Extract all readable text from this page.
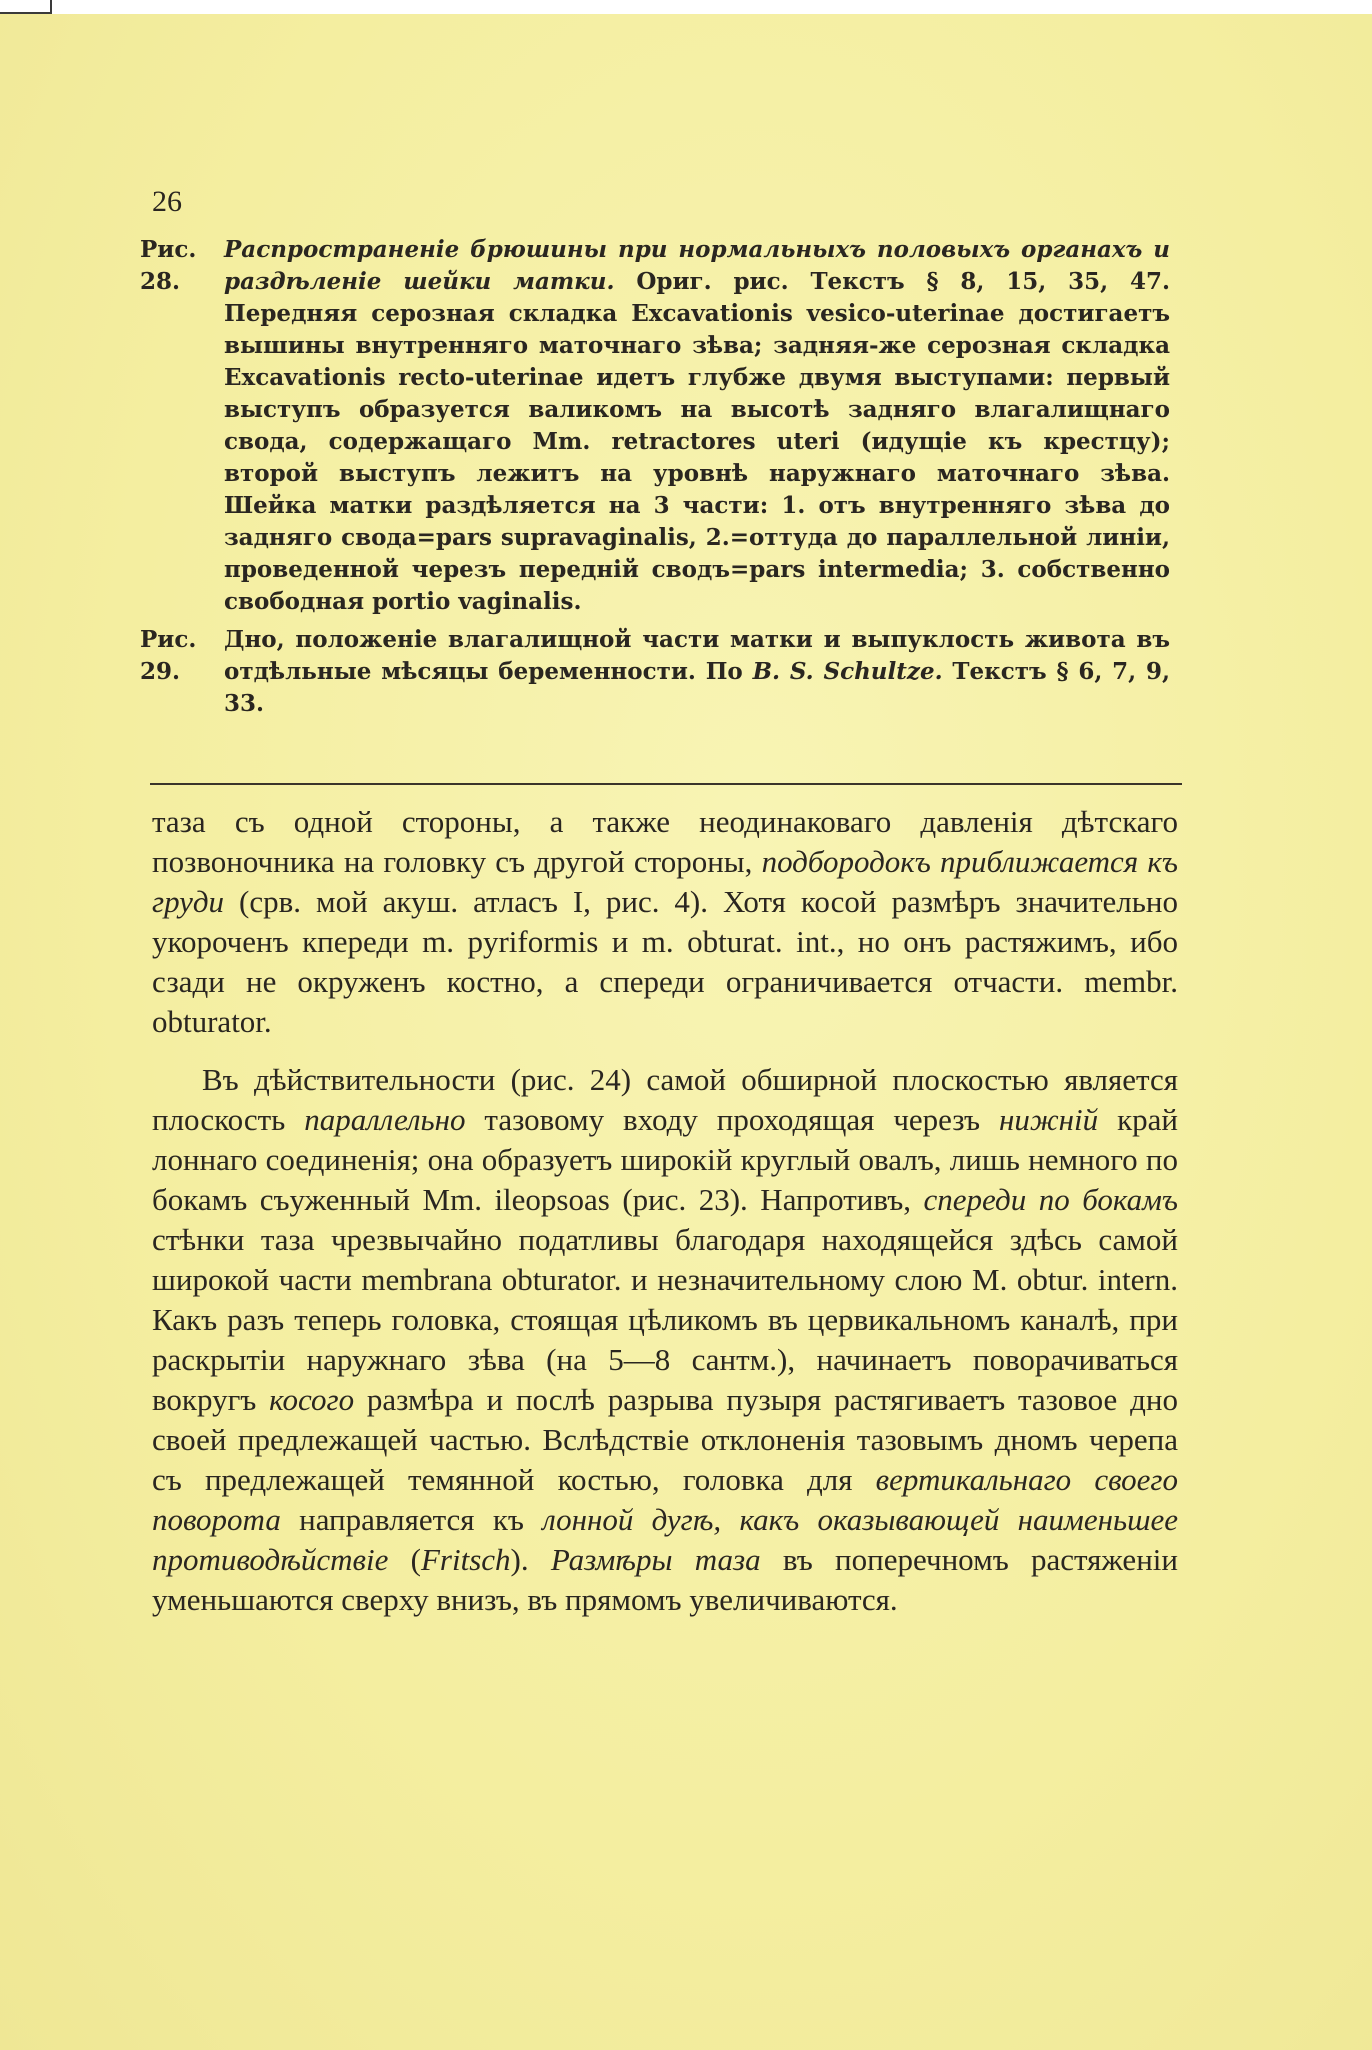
26
Рис. 28.
Распространеніе брюшины при нормальныхъ половыхъ органахъ и раздѣленіе шейки матки. Ориг. рис. Текстъ § 8, 15, 35, 47. Передняя серозная складка Excavationis vesico-uterinae достигаетъ вышины внутренняго маточнаго зѣва; задняя-же серозная складка Excavationis recto-uterinae идетъ глубже двумя выступами: первый выступъ образуется валикомъ на высотѣ задняго влагалищнаго свода, содержащаго Mm. retractores uteri (идущіе къ крестцу); второй выступъ лежитъ на уровнѣ наружнаго маточнаго зѣва. Шейка матки раздѣляется на 3 части: 1. отъ внутренняго зѣва до задняго свода=pars supravaginalis, 2.=оттуда до параллельной линіи, проведенной черезъ передній сводъ=pars intermedia; 3. собственно свободная portio vaginalis.
Рис. 29.
Дно, положеніе влагалищной части матки и выпуклость живота въ отдѣльные мѣсяцы беременности. По B. S. Schultze. Текстъ § 6, 7, 9, 33.

таза съ одной стороны, а также неодинаковаго давленія дѣтскаго позвоночника на головку съ другой стороны, подбородокъ приближается къ груди (срв. мой акуш. атласъ I, рис. 4). Хотя косой размѣръ значительно укороченъ кпереди m. pyriformis и m. obturat. int., но онъ растяжимъ, ибо сзади не окруженъ костно, а спереди ограничивается отчасти. membr. obturator.

Въ дѣйствительности (рис. 24) самой обширной плоскостью является плоскость параллельно тазовому входу проходящая черезъ нижній край лоннаго соединенія; она образуетъ широкій круглый овалъ, лишь немного по бокамъ съуженный Mm. ileopsoas (рис. 23). Напротивъ, спереди по бокамъ стѣнки таза чрезвычайно податливы благодаря находящейся здѣсь самой широкой части membrana obturator. и незначительному слою M. obtur. intern. Какъ разъ теперь головка, стоящая цѣликомъ въ цервикальномъ каналѣ, при раскрытіи наружнаго зѣва (на 5—8 сантм.), начинаетъ поворачиваться вокругъ косого размѣра и послѣ разрыва пузыря растягиваетъ тазовое дно своей предлежащей частью. Вслѣдствіе отклоненія тазовымъ дномъ черепа съ предлежащей темянной костью, головка для вертикальнаго своего поворота направляется къ лонной дугѣ, какъ оказывающей наименьшее противодѣйствіе (Fritsch). Размѣры таза въ поперечномъ растяженіи уменьшаются сверху внизъ, въ прямомъ увеличиваются.
